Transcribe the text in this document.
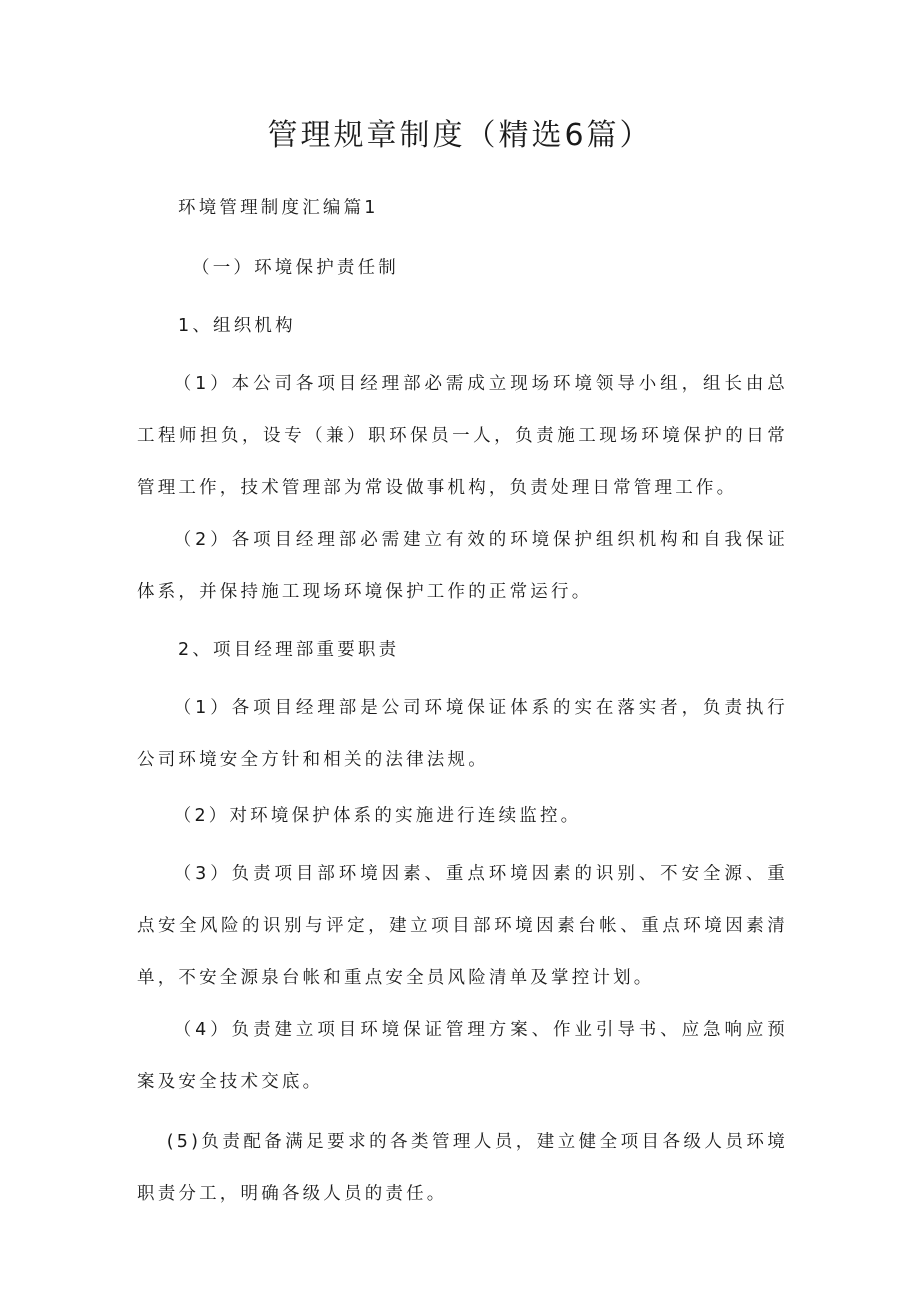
管理规章制度（精选6篇）

环境管理制度汇编篇1

（一）环境保护责任制

1、组织机构

（1）本公司各项目经理部必需成立现场环境领导小组，组长由总工程师担负，设专（兼）职环保员一人，负责施工现场环境保护的日常管理工作，技术管理部为常设做事机构，负责处理日常管理工作。

（2）各项目经理部必需建立有效的环境保护组织机构和自我保证体系，并保持施工现场环境保护工作的正常运行。

2、项目经理部重要职责

（1）各项目经理部是公司环境保证体系的实在落实者，负责执行公司环境安全方针和相关的法律法规。

（2）对环境保护体系的实施进行连续监控。

（3）负责项目部环境因素、重点环境因素的识别、不安全源、重点安全风险的识别与评定，建立项目部环境因素台帐、重点环境因素清单，不安全源泉台帐和重点安全员风险清单及掌控计划。

（4）负责建立项目环境保证管理方案、作业引导书、应急响应预案及安全技术交底。

(5)负责配备满足要求的各类管理人员，建立健全项目各级人员环境职责分工，明确各级人员的责任。
